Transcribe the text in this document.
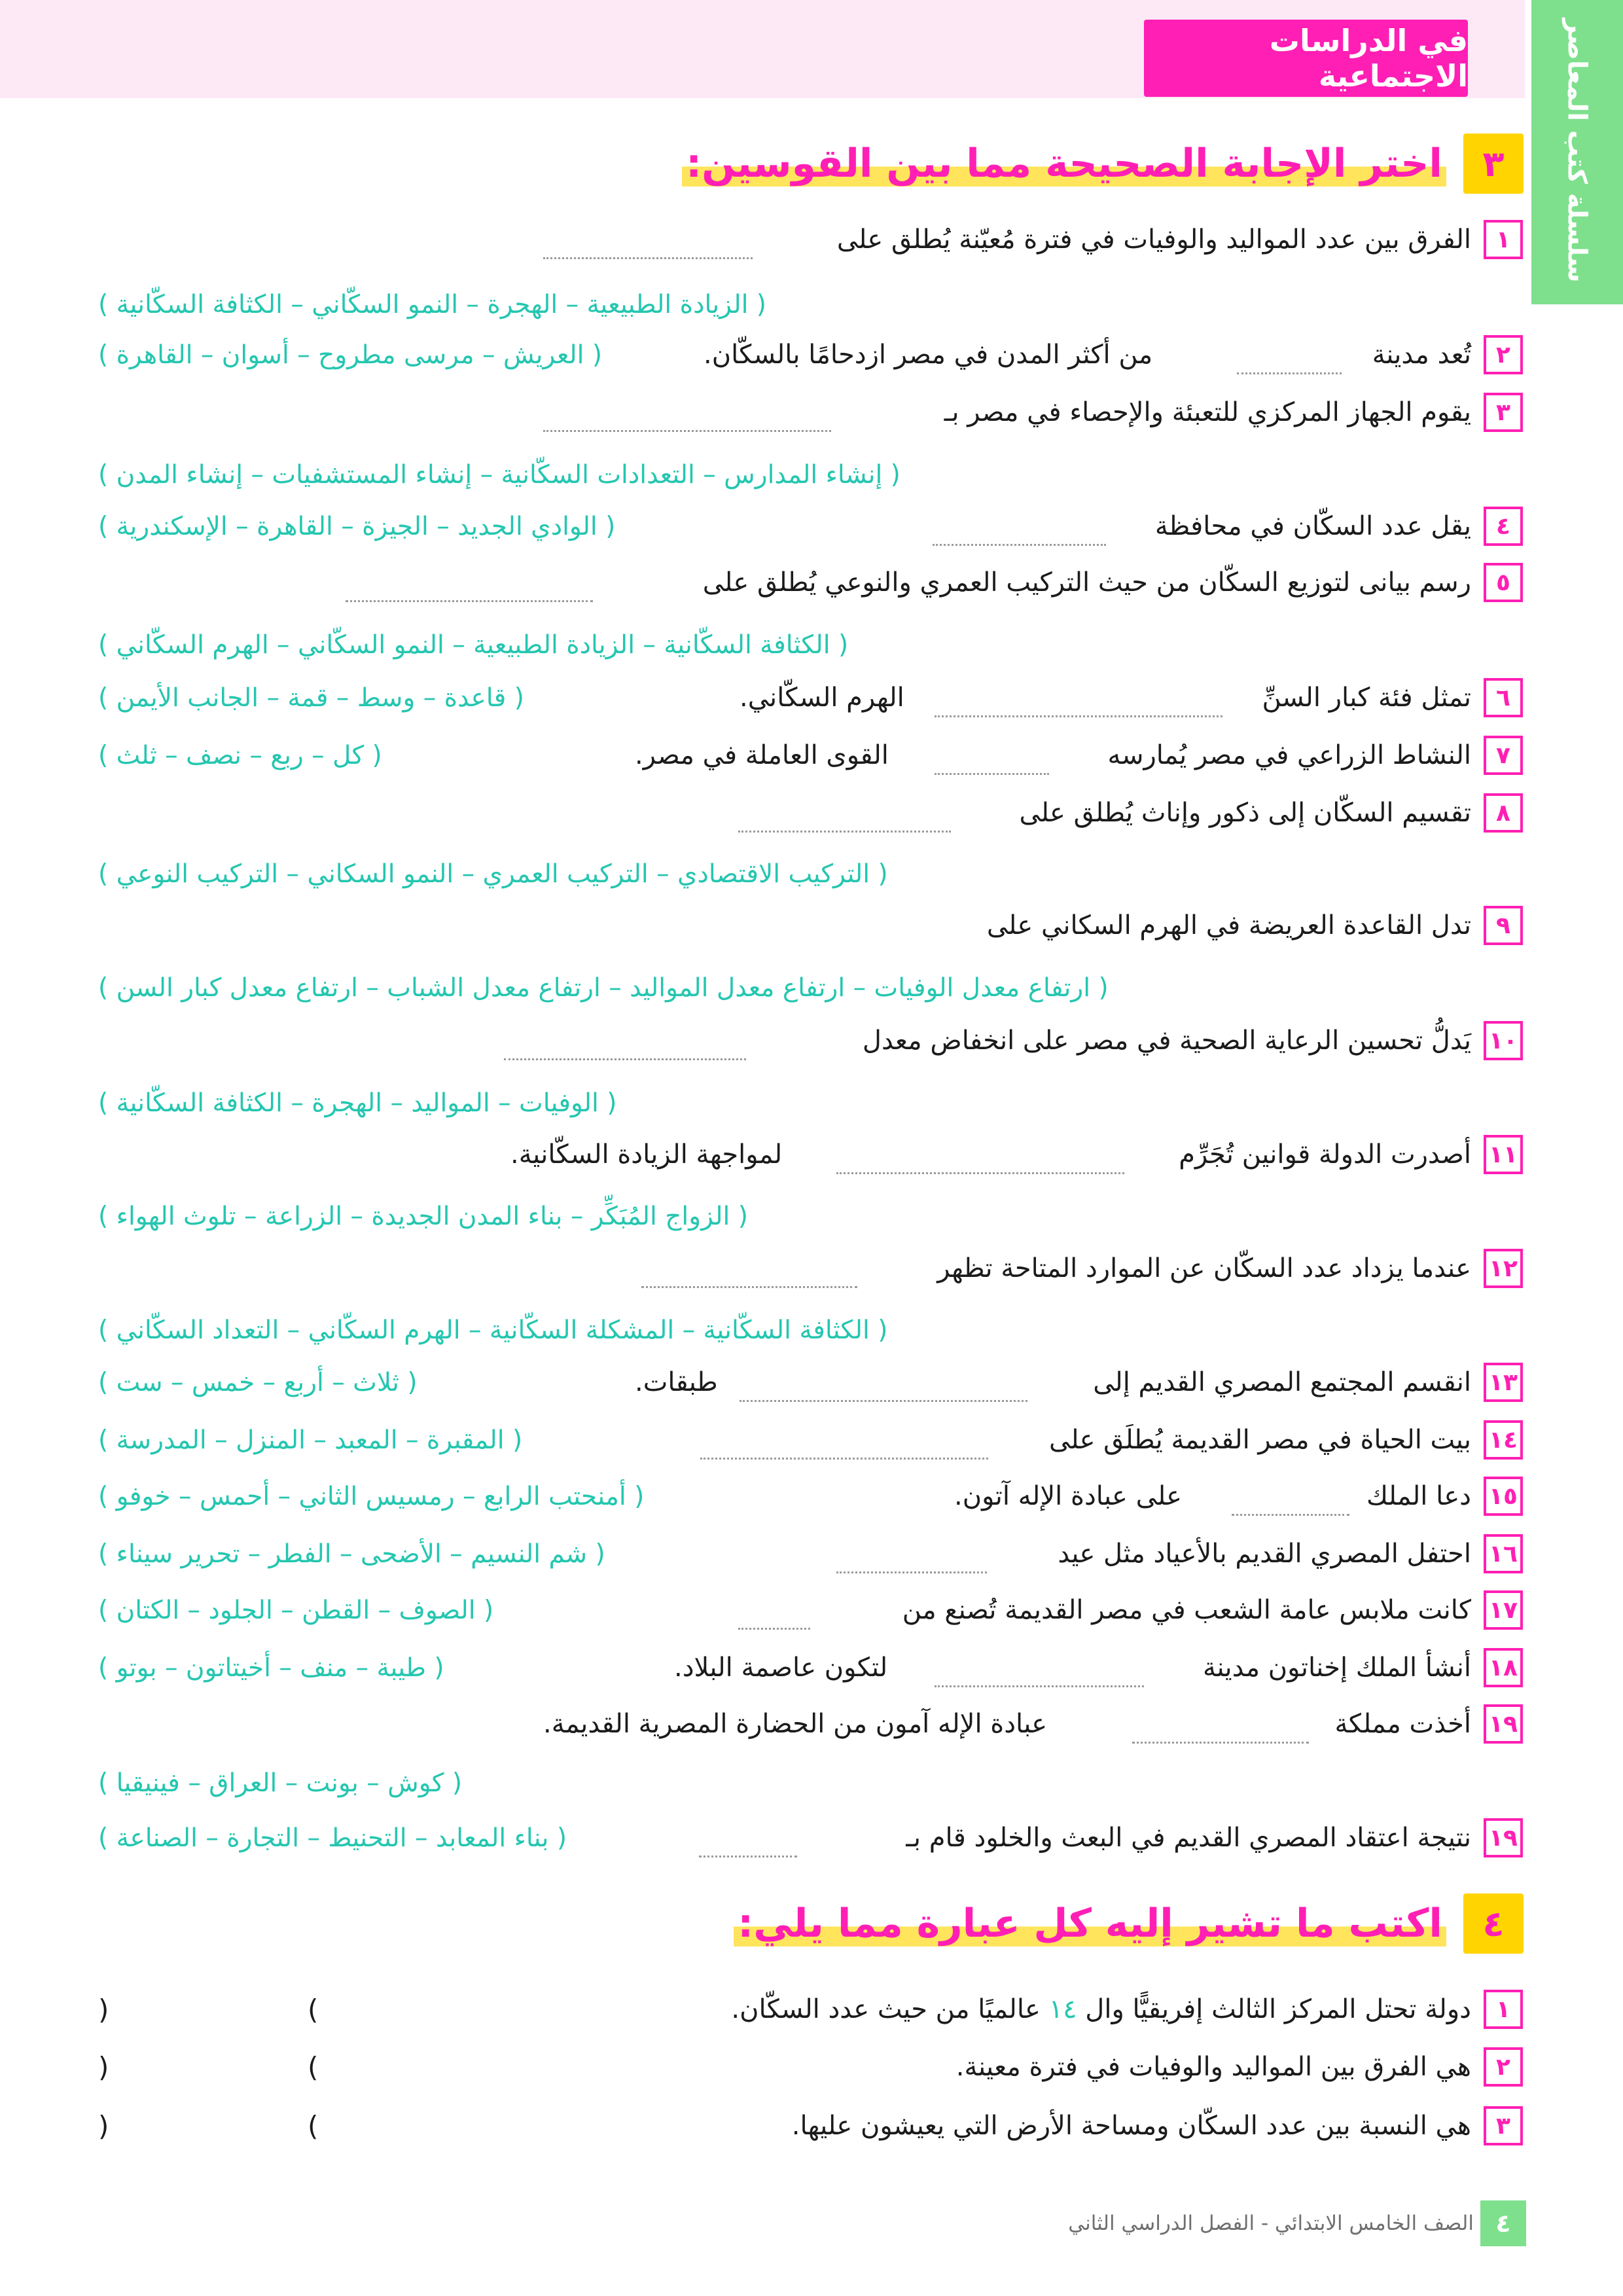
في الدراسات الاجتماعية	سلسلة كتب المعاصر
٣
اختر الإجابة الصحيحة مما بين القوسين:
١
الفرق بين عدد المواليد والوفيات في فترة مُعيّنة يُطلق على
( الزيادة الطبيعية – الهجرة – النمو السكّاني – الكثافة السكّانية )
٢
تُعد مدينة
من أكثر المدن في مصر ازدحامًا بالسكّان.
( العريش – مرسى مطروح – أسوان – القاهرة )
٣
يقوم الجهاز المركزي للتعبئة والإحصاء في مصر بـ
( إنشاء المدارس – التعدادات السكّانية – إنشاء المستشفيات – إنشاء المدن )
٤
يقل عدد السكّان في محافظة
( الوادي الجديد – الجيزة – القاهرة – الإسكندرية )
٥
رسم بيانى لتوزيع السكّان من حيث التركيب العمري والنوعي يُطلق على
( الكثافة السكّانية – الزيادة الطبيعية – النمو السكّاني – الهرم السكّاني )
٦
تمثل فئة كبار السنِّ
الهرم السكّاني.
( قاعدة – وسط – قمة – الجانب الأيمن )
٧
النشاط الزراعي في مصر يُمارسه
القوى العاملة في مصر.
( كل – ربع – نصف – ثلث )
٨
تقسيم السكّان إلى ذكور وإناث يُطلق على
( التركيب الاقتصادي – التركيب العمري – النمو السكاني – التركيب النوعي )
٩
تدل القاعدة العريضة في الهرم السكاني على
( ارتفاع معدل الوفيات – ارتفاع معدل المواليد – ارتفاع معدل الشباب – ارتفاع معدل كبار السن )
١٠
يَدلُّ تحسين الرعاية الصحية في مصر على انخفاض معدل
( الوفيات – المواليد – الهجرة – الكثافة السكّانية )
١١
أصدرت الدولة قوانين تُجَرِّم
لمواجهة الزيادة السكّانية.
( الزواج المُبَكِّر – بناء المدن الجديدة – الزراعة – تلوث الهواء )
١٢
عندما يزداد عدد السكّان عن الموارد المتاحة تظهر
( الكثافة السكّانية – المشكلة السكّانية – الهرم السكّاني – التعداد السكّاني )
١٣
انقسم المجتمع المصري القديم إلى
طبقات.
( ثلاث – أربع – خمس – ست )
١٤
بيت الحياة في مصر القديمة يُطلَق على
( المقبرة – المعبد – المنزل – المدرسة )
١٥
دعا الملك
على عبادة الإله آتون.
( أمنحتب الرابع – رمسيس الثاني – أحمس – خوفو )
١٦
احتفل المصري القديم بالأعياد مثل عيد
( شم النسيم – الأضحى – الفطر – تحرير سيناء )
١٧
كانت ملابس عامة الشعب في مصر القديمة تُصنع من
( الصوف – القطن – الجلود – الكتان )
١٨
أنشأ الملك إخناتون مدينة
لتكون عاصمة البلاد.
( طيبة – منف – أخيتاتون – بوتو )
١٩
أخذت مملكة
عبادة الإله آمون من الحضارة المصرية القديمة.
( كوش – بونت – العراق – فينيقيا )
١٩
نتيجة اعتقاد المصري القديم في البعث والخلود قام بـ
( بناء المعابد – التحنيط – التجارة – الصناعة )
٤
اكتب ما تشير إليه كل عبارة مما يلي:
١
دولة تحتل المركز الثالث إفريقيًّا وال

١٤

عالميًا من حيث عدد السكّان.
)
(
٢
هي الفرق بين المواليد والوفيات في فترة معينة.
)
(
٣
هي النسبة بين عدد السكّان ومساحة الأرض التي يعيشون عليها.
)
(
٤
الصف الخامس الابتدائي - الفصل الدراسي الثاني
